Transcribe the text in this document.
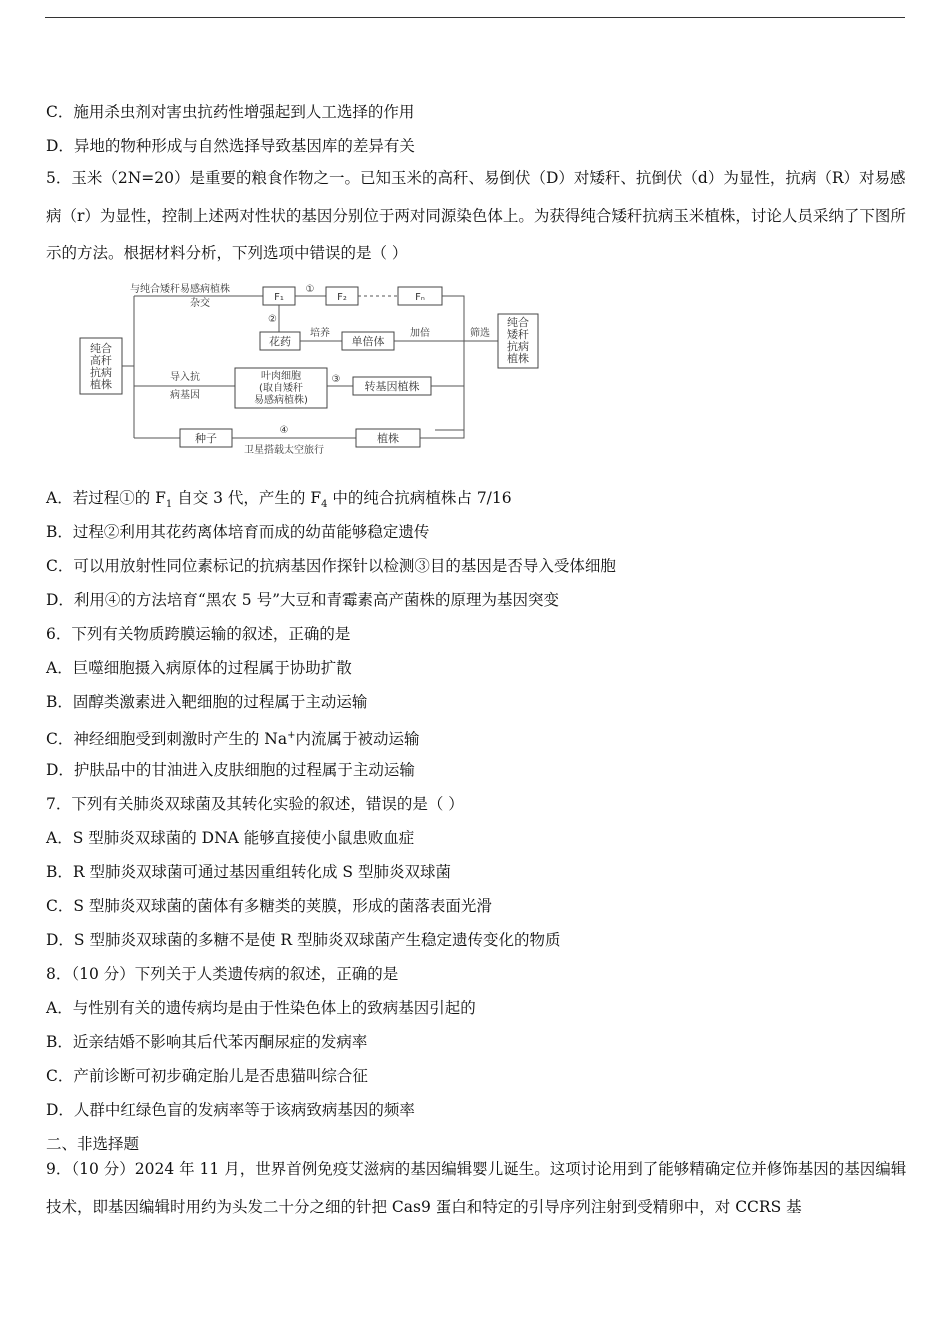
C．施用杀虫剂对害虫抗药性增强起到人工选择的作用
D．异地的物种形成与自然选择导致基因库的差异有关
5．玉米（2N=20）是重要的粮食作物之一。已知玉米的高秆、易倒伏（D）对矮秆、抗倒伏（d）为显性，抗病（R）对易感病（r）为显性，控制上述两对性状的基因分别位于两对同源染色体上。为获得纯合矮秆抗病玉米植株，讨论人员采纳了下图所示的方法。根据材料分析，下列选项中错误的是（ ）
纯合
高秆
抗病
植株
与纯合矮秆易感病植株
杂交
F₁
①
F₂	Fₙ
②
花药
培养
单倍体
加倍	筛选
纯合
矮秆
抗病
植株
导入抗
病基因
叶肉细胞
(取自矮秆
易感病植株)
③
转基因植株
种子
④
卫星搭载太空旅行
植株
A．若过程①的 $F_1$ 自交 3 代，产生的 $F_4$ 中的纯合抗病植株占 7/16
B．过程②利用其花药离体培育而成的幼苗能够稳定遗传
C．可以用放射性同位素标记的抗病基因作探针以检测③目的基因是否导入受体细胞
D．利用④的方法培育“黑农 5 号”大豆和青霉素高产菌株的原理为基因突变
6．下列有关物质跨膜运输的叙述，正确的是
A．巨噬细胞摄入病原体的过程属于协助扩散
B．固醇类激素进入靶细胞的过程属于主动运输
C．神经细胞受到刺激时产生的 Na+内流属于被动运输
D．护肤品中的甘油进入皮肤细胞的过程属于主动运输
7．下列有关肺炎双球菌及其转化实验的叙述，错误的是（ ）
A．S 型肺炎双球菌的 DNA 能够直接使小鼠患败血症
B．R 型肺炎双球菌可通过基因重组转化成 S 型肺炎双球菌
C．S 型肺炎双球菌的菌体有多糖类的荚膜，形成的菌落表面光滑
D．S 型肺炎双球菌的多糖不是使 R 型肺炎双球菌产生稳定遗传变化的物质
8．（10 分）下列关于人类遗传病的叙述，正确的是
A．与性别有关的遗传病均是由于性染色体上的致病基因引起的
B．近亲结婚不影响其后代苯丙酮尿症的发病率
C．产前诊断可初步确定胎儿是否患猫叫综合征
D．人群中红绿色盲的发病率等于该病致病基因的频率
二、非选择题
9．（10 分）2024 年 11 月，世界首例免疫艾滋病的基因编辑婴儿诞生。这项讨论用到了能够精确定位并修饰基因的基因编辑技术，即基因编辑时用约为头发二十分之细的针把 Cas9 蛋白和特定的引导序列注射到受精卵中，对 CCRS 基
